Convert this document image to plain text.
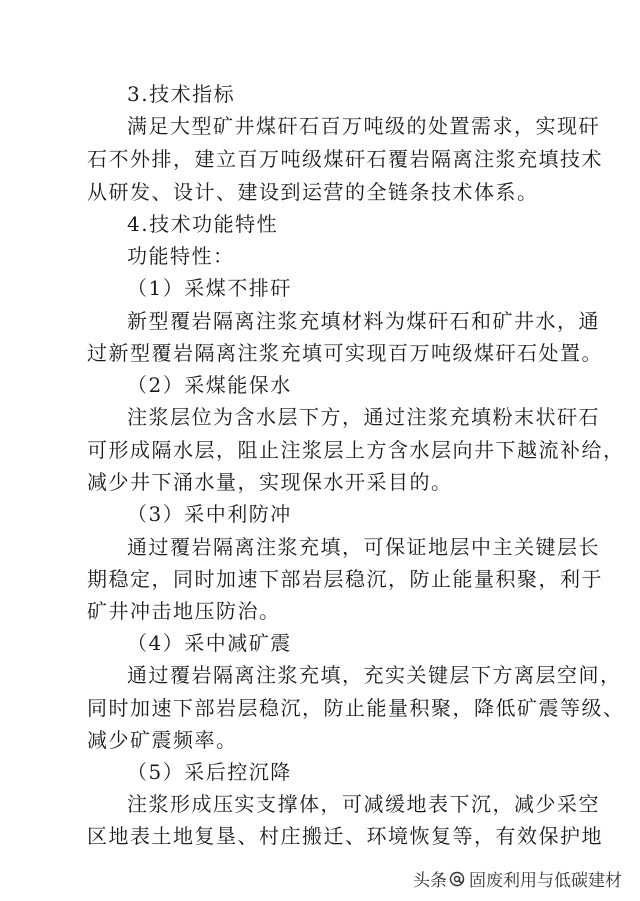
3.技术指标
满足大型矿井煤矸石百万吨级的处置需求，实现矸
石不外排，建立百万吨级煤矸石覆岩隔离注浆充填技术
从研发、设计、建设到运营的全链条技术体系。
4.技术功能特性
功能特性：
（1）采煤不排矸
新型覆岩隔离注浆充填材料为煤矸石和矿井水，通
过新型覆岩隔离注浆充填可实现百万吨级煤矸石处置。
（2）采煤能保水
注浆层位为含水层下方，通过注浆充填粉末状矸石
可形成隔水层，阻止注浆层上方含水层向井下越流补给，
减少井下涌水量，实现保水开采目的。
（3）采中利防冲
通过覆岩隔离注浆充填，可保证地层中主关键层长
期稳定，同时加速下部岩层稳沉，防止能量积聚，利于
矿井冲击地压防治。
（4）采中减矿震
通过覆岩隔离注浆充填，充实关键层下方离层空间，
同时加速下部岩层稳沉，防止能量积聚，降低矿震等级、
减少矿震频率。
（5）采后控沉降
注浆形成压实支撑体，可减缓地表下沉，减少采空
区地表土地复垦、村庄搬迁、环境恢复等，有效保护地
头条 固废利用与低碳建材
